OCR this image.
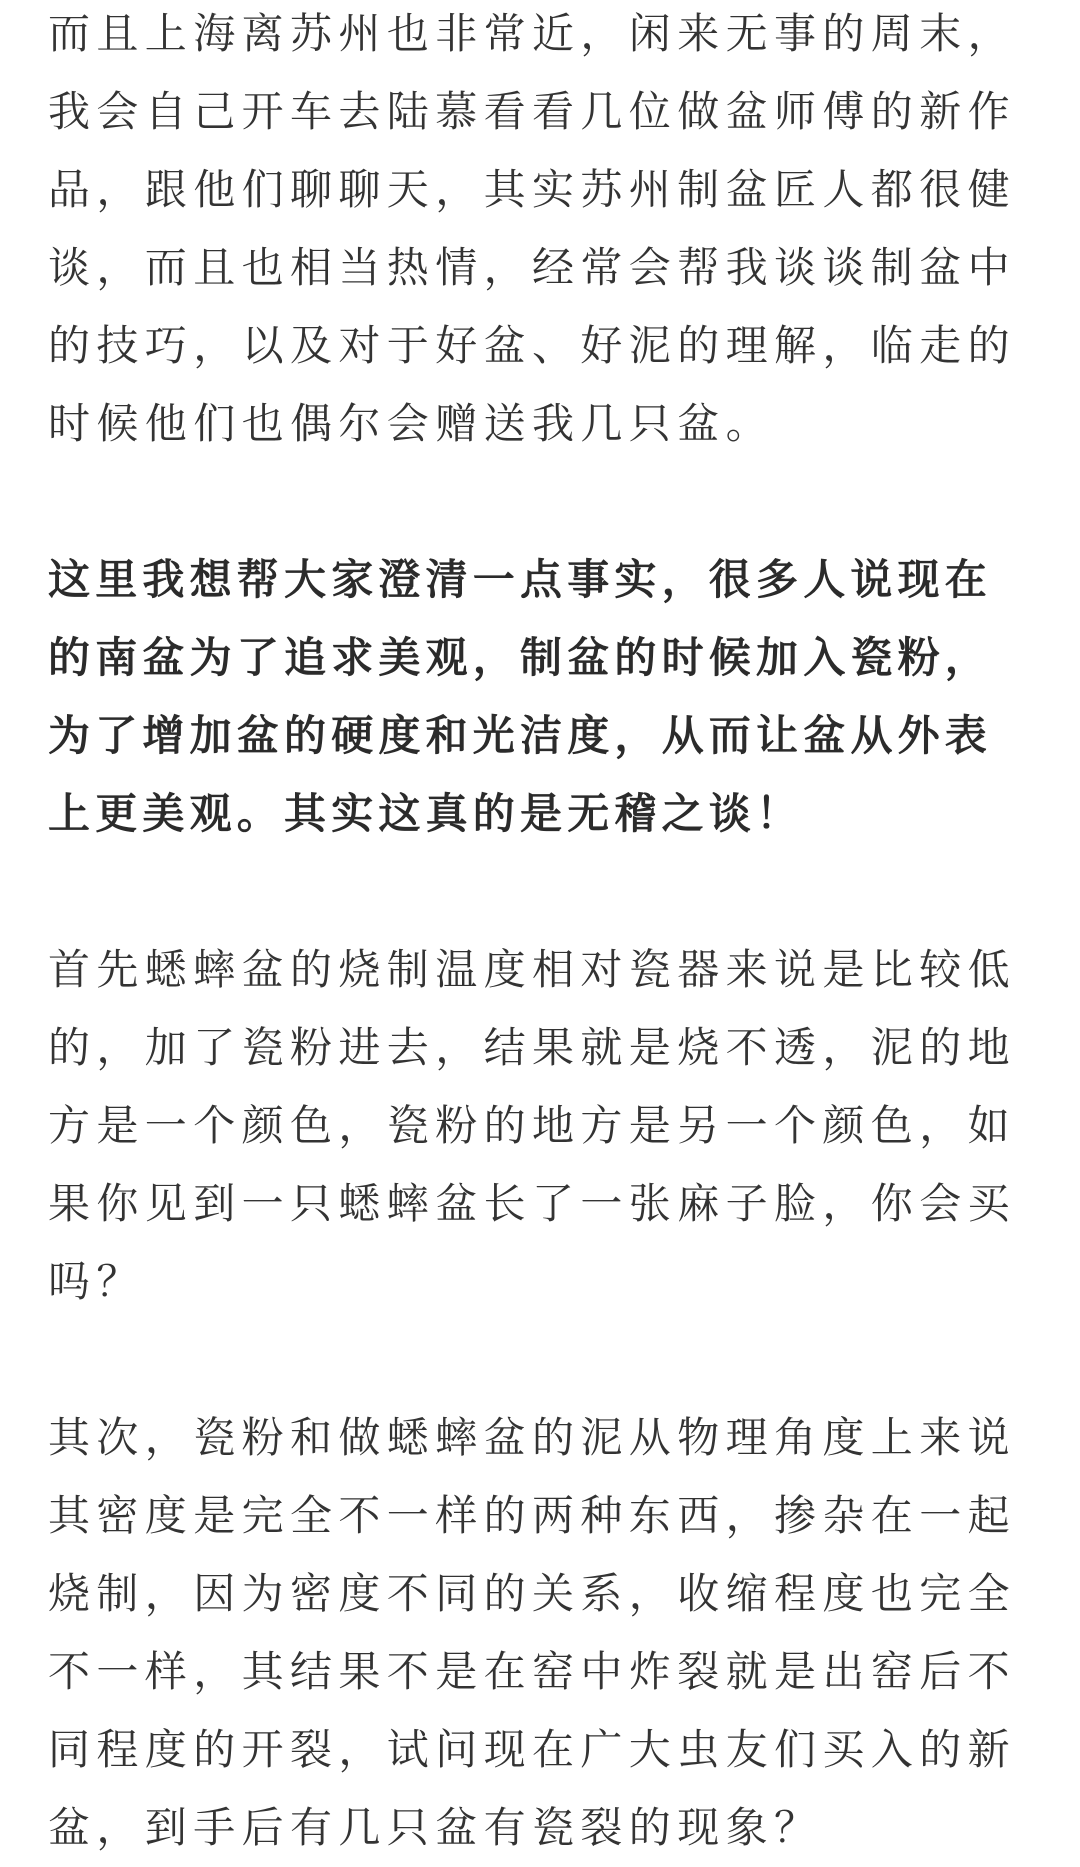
而且上海离苏州也非常近，闲来无事的周末，
我会自己开车去陆慕看看几位做盆师傅的新作
品，跟他们聊聊天，其实苏州制盆匠人都很健
谈，而且也相当热情，经常会帮我谈谈制盆中
的技巧，以及对于好盆、好泥的理解，临走的
时候他们也偶尔会赠送我几只盆。
这里我想帮大家澄清一点事实，很多人说现在
的南盆为了追求美观，制盆的时候加入瓷粉，
为了增加盆的硬度和光洁度，从而让盆从外表
上更美观。其实这真的是无稽之谈！
首先蟋蟀盆的烧制温度相对瓷器来说是比较低
的，加了瓷粉进去，结果就是烧不透，泥的地
方是一个颜色，瓷粉的地方是另一个颜色，如
果你见到一只蟋蟀盆长了一张麻子脸，你会买
吗？
其次，瓷粉和做蟋蟀盆的泥从物理角度上来说
其密度是完全不一样的两种东西，掺杂在一起
烧制，因为密度不同的关系，收缩程度也完全
不一样，其结果不是在窑中炸裂就是出窑后不
同程度的开裂，试问现在广大虫友们买入的新
盆，到手后有几只盆有瓷裂的现象？
